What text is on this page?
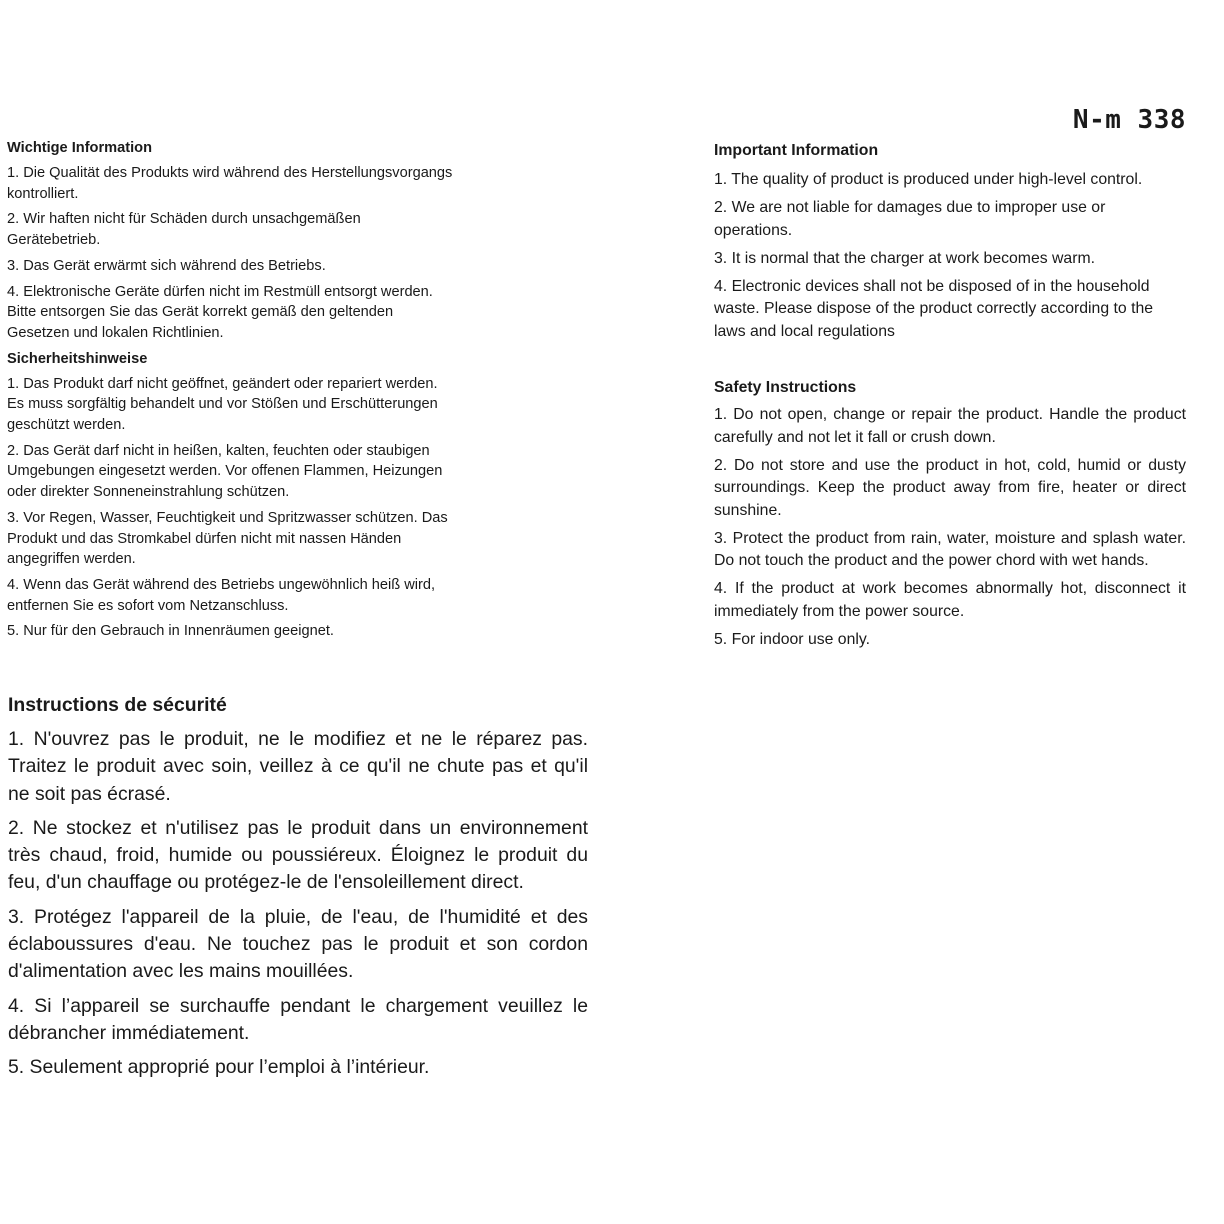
N-m 338
Wichtige Information

1. Die Qualität des Produkts wird während des Herstellungsvorgangs kontrolliert.

2. Wir haften nicht für Schäden durch unsachgemäßen Gerätebetrieb.

3. Das Gerät erwärmt sich während des Betriebs.

4. Elektronische Geräte dürfen nicht im Restmüll entsorgt werden. Bitte entsorgen Sie das Gerät korrekt gemäß den geltenden Gesetzen und lokalen Richtlinien.

Sicherheitshinweise

1. Das Produkt darf nicht geöffnet, geändert oder repariert werden. Es muss sorgfältig behandelt und vor Stößen und Erschütterungen geschützt werden.

2. Das Gerät darf nicht in heißen, kalten, feuchten oder staubigen Umgebungen eingesetzt werden. Vor offenen Flammen, Heizungen oder direkter Sonneneinstrahlung schützen.

3. Vor Regen, Wasser, Feuchtigkeit und Spritzwasser schützen. Das Produkt und das Stromkabel dürfen nicht mit nassen Händen angegriffen werden.

4. Wenn das Gerät während des Betriebs ungewöhnlich heiß wird, entfernen Sie es sofort vom Netzanschluss.

5. Nur für den Gebrauch in Innenräumen geeignet.

Important Information

1. The quality of product is produced under high-level control.

2. We are not liable for damages due to improper use or operations.

3. It is normal that the charger at work becomes warm.

4. Electronic devices shall not be disposed of in the household waste. Please dispose of the product correctly according to the laws and local regulations

Safety Instructions

1. Do not open, change or repair the product. Handle the product carefully and not let it fall or crush down.

2. Do not store and use the product in hot, cold, humid or dusty surroundings. Keep the product away from fire, heater or direct sunshine.

3. Protect the product from rain, water, moisture and splash water. Do not touch the product and the power chord with wet hands.

4. If the product at work becomes abnormally hot, disconnect it immediately from the power source.

5. For indoor use only.

Instructions de sécurité

1. N'ouvrez pas le produit, ne le modifiez et ne le réparez pas. Traitez le produit avec soin, veillez à ce qu'il ne chute pas et qu'il ne soit pas écrasé.

2. Ne stockez et n'utilisez pas le produit dans un environnement très chaud, froid, humide ou poussiéreux. Éloignez le produit du feu, d'un chauffage ou protégez-le de l'ensoleillement direct.

3. Protégez l'appareil de la pluie, de l'eau, de l'humidité et des éclaboussures d'eau. Ne touchez pas le produit et son cordon d'alimentation avec les mains mouillées.

4. Si l’appareil se surchauffe pendant le chargement veuillez le débrancher immédiatement.

5. Seulement approprié pour l’emploi à l’intérieur.
